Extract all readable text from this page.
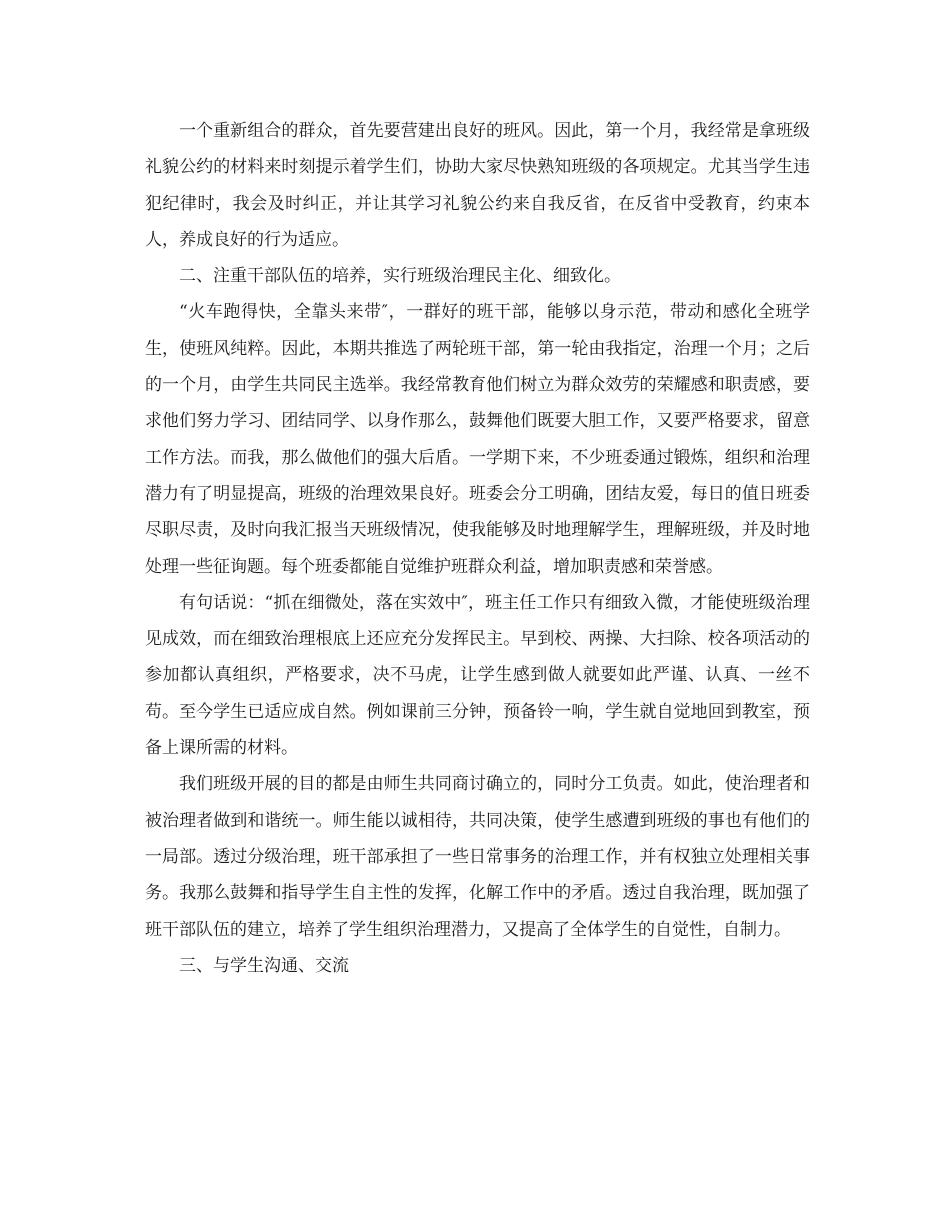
一个重新组合的群众，首先要营建出良好的班风。因此，第一个月，我经常是拿班级礼貌公约的材料来时刻提示着学生们，协助大家尽快熟知班级的各项规定。尤其当学生违犯纪律时，我会及时纠正，并让其学习礼貌公约来自我反省，在反省中受教育，约束本人，养成良好的行为适应。

二、注重干部队伍的培养，实行班级治理民主化、细致化。

“火车跑得快，全靠头来带″，一群好的班干部，能够以身示范，带动和感化全班学生，使班风纯粹。因此，本期共推选了两轮班干部，第一轮由我指定，治理一个月；之后的一个月，由学生共同民主选举。我经常教育他们树立为群众效劳的荣耀感和职责感，要求他们努力学习、团结同学、以身作那么，鼓舞他们既要大胆工作，又要严格要求，留意工作方法。而我，那么做他们的强大后盾。一学期下来，不少班委通过锻炼，组织和治理潜力有了明显提高，班级的治理效果良好。班委会分工明确，团结友爱，每日的值日班委尽职尽责，及时向我汇报当天班级情况，使我能够及时地理解学生，理解班级，并及时地处理一些征询题。每个班委都能自觉维护班群众利益，增加职责感和荣誉感。

有句话说：“抓在细微处，落在实效中″，班主任工作只有细致入微，才能使班级治理见成效，而在细致治理根底上还应充分发挥民主。早到校、两操、大扫除、校各项活动的参加都认真组织，严格要求，决不马虎，让学生感到做人就要如此严谨、认真、一丝不苟。至今学生已适应成自然。例如课前三分钟，预备铃一响，学生就自觉地回到教室，预备上课所需的材料。

我们班级开展的目的都是由师生共同商讨确立的，同时分工负责。如此，使治理者和被治理者做到和谐统一。师生能以诚相待，共同决策，使学生感遭到班级的事也有他们的一局部。透过分级治理，班干部承担了一些日常事务的治理工作，并有权独立处理相关事务。我那么鼓舞和指导学生自主性的发挥，化解工作中的矛盾。透过自我治理，既加强了班干部队伍的建立，培养了学生组织治理潜力，又提高了全体学生的自觉性，自制力。

三、与学生沟通、交流
